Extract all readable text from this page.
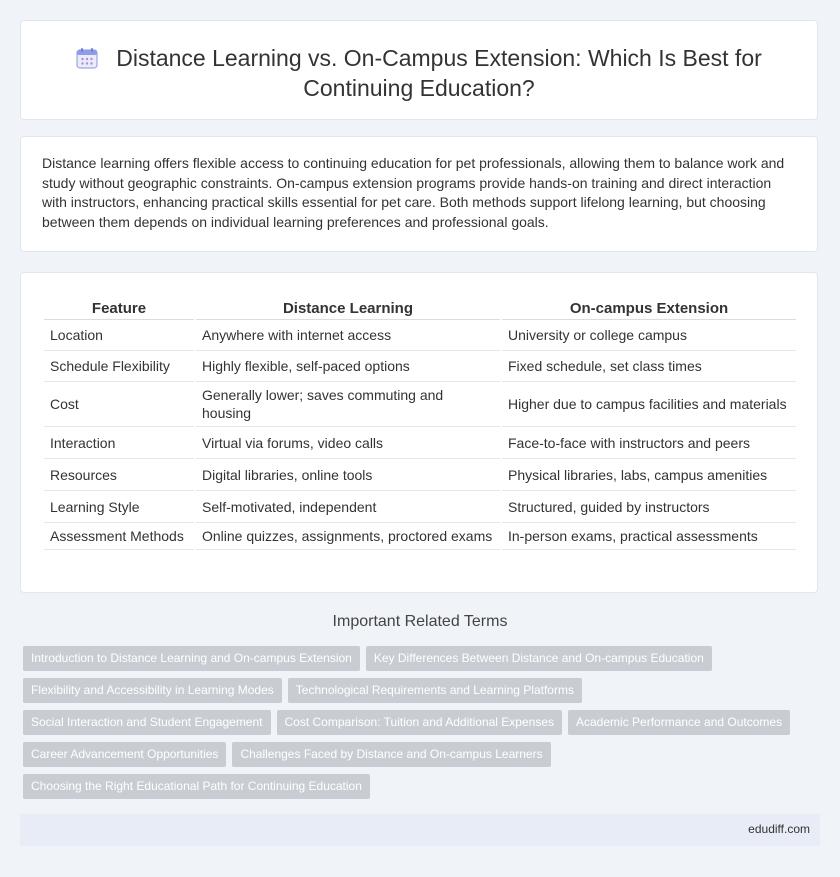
Distance Learning vs. On-Campus Extension: Which Is Best for
Continuing Education?
Distance learning offers flexible access to continuing education for pet professionals, allowing them to balance work and study without geographic constraints. On-campus extension programs provide hands-on training and direct interaction with instructors, enhancing practical skills essential for pet care. Both methods support lifelong learning, but choosing between them depends on individual learning preferences and professional goals.
Feature	Distance Learning	On-campus Extension
Location	Anywhere with internet access	University or college campus
Schedule Flexibility	Highly flexible, self-paced options	Fixed schedule, set class times
Cost	Generally lower; saves commuting and housing	Higher due to campus facilities and materials
Interaction	Virtual via forums, video calls	Face-to-face with instructors and peers
Resources	Digital libraries, online tools	Physical libraries, labs, campus amenities
Learning Style	Self-motivated, independent	Structured, guided by instructors
Assessment Methods	Online quizzes, assignments, proctored exams	In-person exams, practical assessments
Important Related Terms
Introduction to Distance Learning and On-campus Extension Key Differences Between Distance and On-campus Education
Flexibility and Accessibility in Learning Modes Technological Requirements and Learning Platforms
Social Interaction and Student Engagement Cost Comparison: Tuition and Additional Expenses Academic Performance and Outcomes
Career Advancement Opportunities Challenges Faced by Distance and On-campus Learners
Choosing the Right Educational Path for Continuing Education
edudiff.com
